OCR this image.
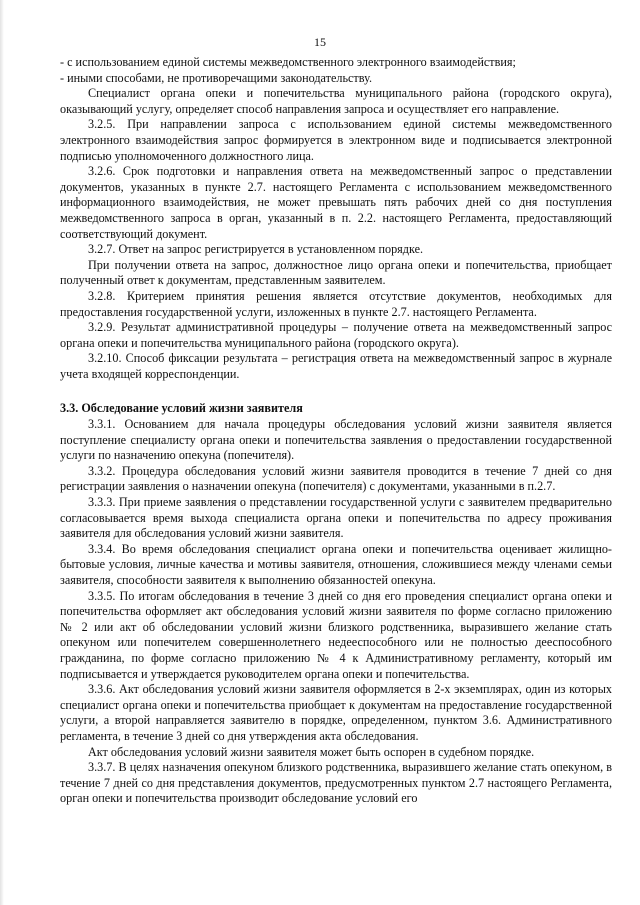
15

- с использованием единой системы межведомственного электронного взаимодействия;

- иными способами, не противоречащими законодательству.

Специалист органа опеки и попечительства муниципального района (городского округа), оказывающий услугу, определяет способ направления запроса и осуществляет его направление.

3.2.5. При направлении запроса с использованием единой системы межведомственного электронного взаимодействия запрос формируется в электронном виде и подписывается электронной подписью уполномоченного должностного лица.

3.2.6. Срок подготовки и направления ответа на межведомственный запрос о представлении документов, указанных в пункте 2.7. настоящего Регламента с использованием межведомственного информационного взаимодействия, не может превышать пять рабочих дней со дня поступления межведомственного запроса в орган, указанный в п. 2.2. настоящего Регламента, предоставляющий соответствующий документ.

3.2.7. Ответ на запрос регистрируется в установленном порядке.

При получении ответа на запрос, должностное лицо органа опеки и попечительства, приобщает полученный ответ к документам, представленным заявителем.

3.2.8. Критерием принятия решения является отсутствие документов, необходимых для предоставления государственной услуги, изложенных в пункте 2.7. настоящего Регламента.

3.2.9. Результат административной процедуры – получение ответа на межведомственный запрос органа опеки и попечительства муниципального района (городского округа).

3.2.10. Способ фиксации результата – регистрация ответа на межведомственный запрос в журнале учета входящей корреспонденции.

3.3. Обследование условий жизни заявителя

3.3.1. Основанием для начала процедуры обследования условий жизни заявителя является поступление специалисту органа опеки и попечительства заявления о предоставлении государственной услуги по назначению опекуна (попечителя).

3.3.2. Процедура обследования условий жизни заявителя проводится в течение 7 дней со дня регистрации заявления о назначении опекуна (попечителя) с документами, указанными в п.2.7.

3.3.3. При приеме заявления о представлении государственной услуги с заявителем предварительно согласовывается время выхода специалиста органа опеки и попечительства по адресу проживания заявителя для обследования условий жизни заявителя.

3.3.4. Во время обследования специалист органа опеки и попечительства оценивает жилищно-бытовые условия, личные качества и мотивы заявителя, отношения, сложившиеся между членами семьи заявителя, способности заявителя к выполнению обязанностей опекуна.

3.3.5. По итогам обследования в течение 3 дней со дня его проведения специалист органа опеки и попечительства оформляет акт обследования условий жизни заявителя по форме согласно приложению № 2 или акт об обследовании условий жизни близкого родственника, выразившего желание стать опекуном или попечителем совершеннолетнего недееспособного или не полностью дееспособного гражданина, по форме согласно приложению № 4 к Административному регламенту, который им подписывается и утверждается руководителем органа опеки и попечительства.

3.3.6. Акт обследования условий жизни заявителя оформляется в 2-х экземплярах, один из которых специалист органа опеки и попечительства приобщает к документам на предоставление государственной услуги, а второй направляется заявителю в порядке, определенном, пунктом 3.6. Административного регламента, в течение 3 дней со дня утверждения акта обследования.

Акт обследования условий жизни заявителя может быть оспорен в судебном порядке.

3.3.7. В целях назначения опекуном близкого родственника, выразившего желание стать опекуном, в течение 7 дней со дня представления документов, предусмотренных пунктом 2.7 настоящего Регламента, орган опеки и попечительства производит обследование условий его
